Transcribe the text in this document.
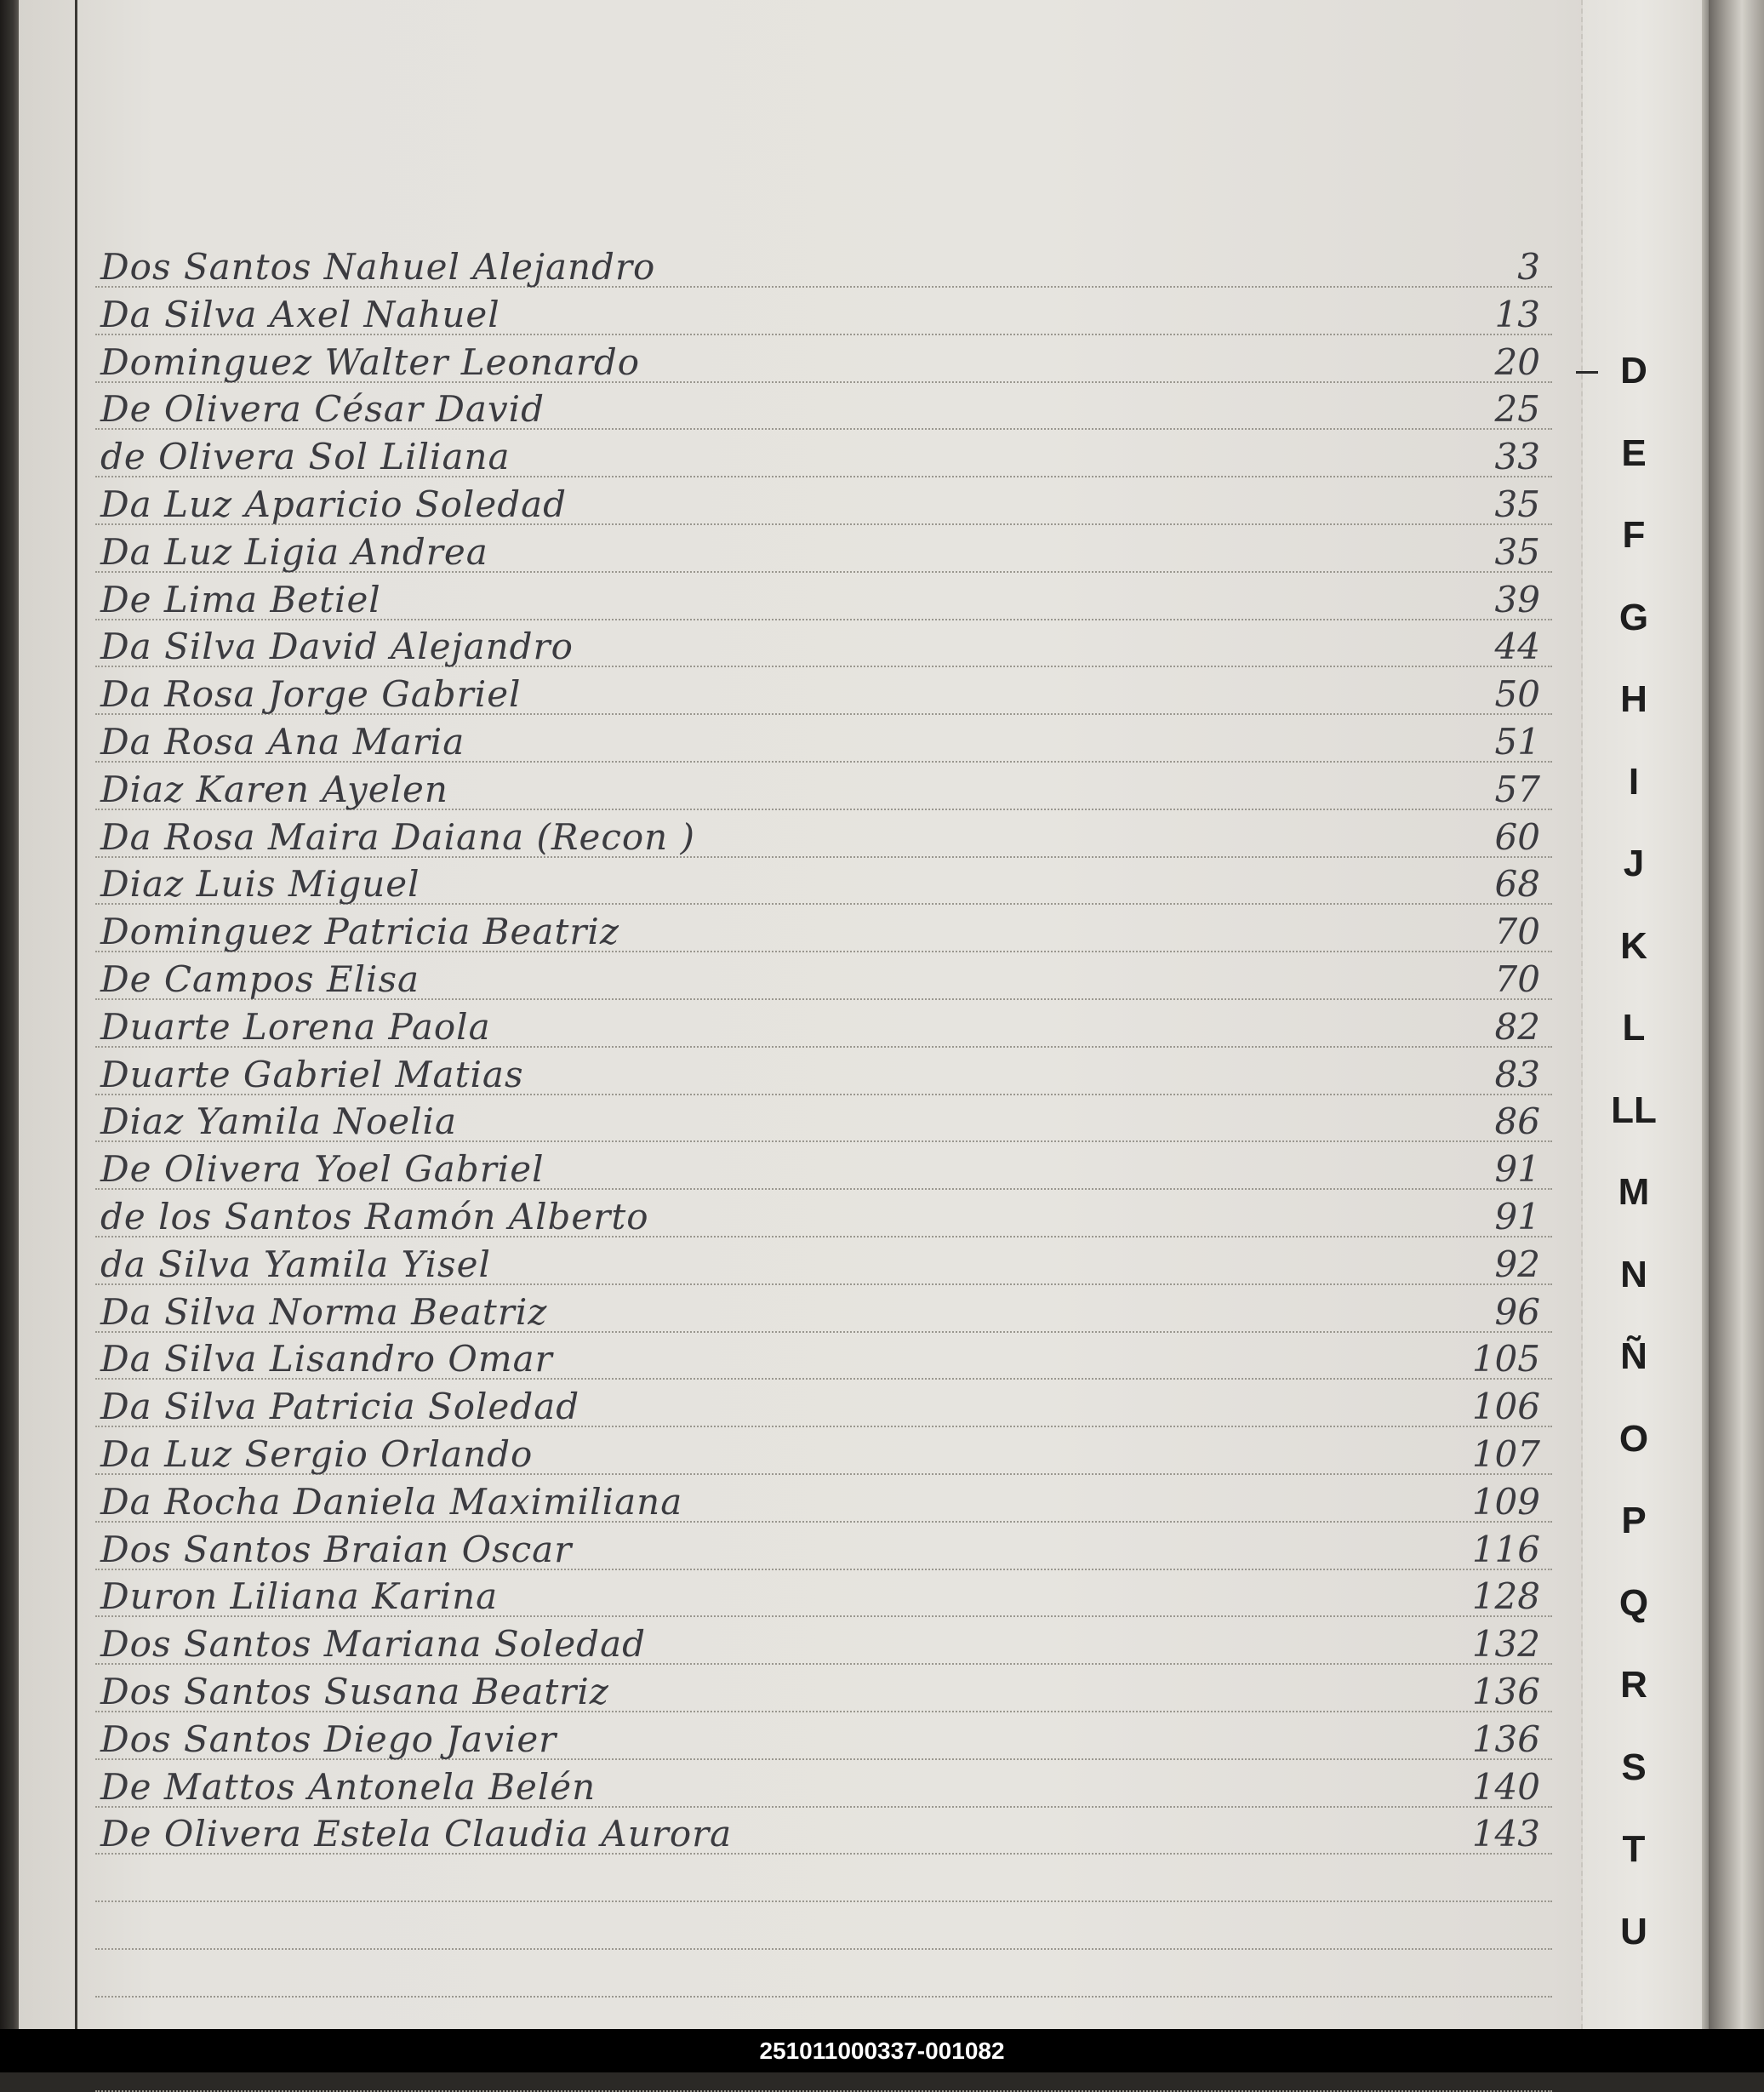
Dos Santos Nahuel Alejandro	3
Da Silva Axel Nahuel	13
Dominguez Walter Leonardo	20
De Olivera César David	25
de Olivera Sol Liliana	33
Da Luz Aparicio Soledad	35
Da Luz Ligia Andrea	35
De Lima Betiel	39
Da Silva David Alejandro	44
Da Rosa Jorge Gabriel	50
Da Rosa Ana Maria	51
Diaz Karen Ayelen	57
Da Rosa Maira Daiana (Recon )	60
Diaz Luis Miguel	68
Dominguez Patricia Beatriz	70
De Campos Elisa	70
Duarte Lorena Paola	82
Duarte Gabriel Matias	83
Diaz Yamila Noelia	86
De Olivera Yoel Gabriel	91
de los Santos Ramón Alberto	91
da Silva Yamila Yisel	92
Da Silva Norma Beatriz	96
Da Silva Lisandro Omar	105
Da Silva Patricia Soledad	106
Da Luz Sergio Orlando	107
Da Rocha Daniela Maximiliana	109
Dos Santos Braian Oscar	116
Duron Liliana Karina	128
Dos Santos Mariana Soledad	132
Dos Santos Susana Beatriz	136
Dos Santos Diego Javier	136
De Mattos Antonela Belén	140
De Olivera Estela Claudia Aurora	143
D
E
F
G
H
I
J
K
L
LL
M
N
Ñ
O
P
Q
R
S
T
U
251011000337-001082
